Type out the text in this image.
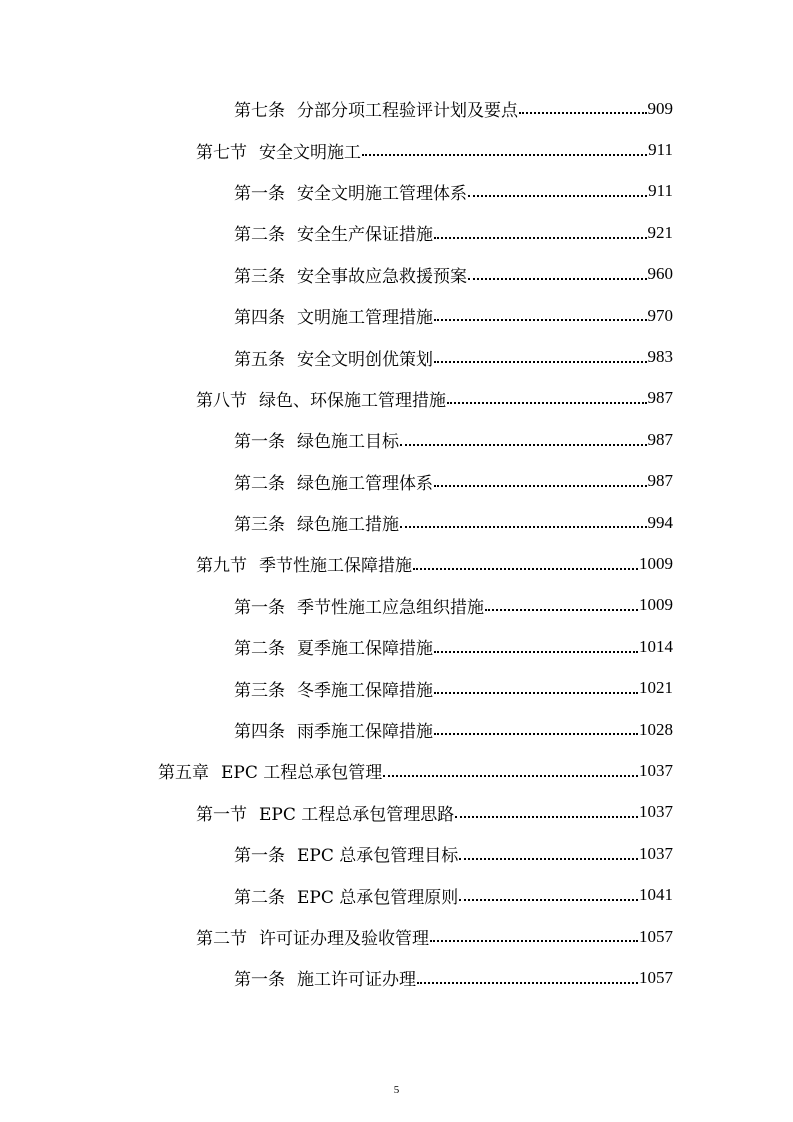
第七条 分部分项工程验评计划及要点	909
第七节 安全文明施工	911
第一条 安全文明施工管理体系	911
第二条 安全生产保证措施	921
第三条 安全事故应急救援预案	960
第四条 文明施工管理措施	970
第五条 安全文明创优策划	983
第八节 绿色、环保施工管理措施	987
第一条 绿色施工目标	987
第二条 绿色施工管理体系	987
第三条 绿色施工措施	994
第九节 季节性施工保障措施	1009
第一条 季节性施工应急组织措施	1009
第二条 夏季施工保障措施	1014
第三条 冬季施工保障措施	1021
第四条 雨季施工保障措施	1028
第五章 EPC 工程总承包管理	1037
第一节 EPC 工程总承包管理思路	1037
第一条 EPC 总承包管理目标	1037
第二条 EPC 总承包管理原则	1041
第二节 许可证办理及验收管理	1057
第一条 施工许可证办理	1057
5
